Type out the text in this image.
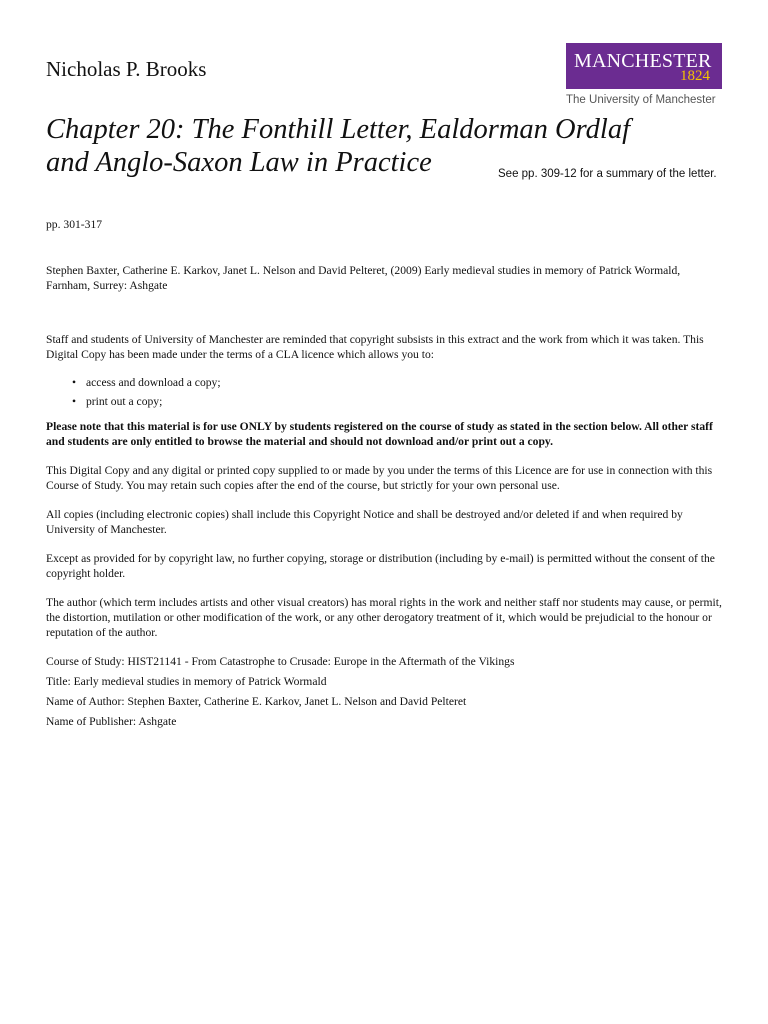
Nicholas P. Brooks	MANCHESTER
1824
The University of Manchester
Chapter 20: The Fonthill Letter, Ealdorman Ordlaf
and Anglo-Saxon Law in Practice	See pp. 309-12 for a summary of the letter.

pp. 301-317

Stephen Baxter, Catherine E. Karkov, Janet L. Nelson and David Pelteret, (2009) Early medieval studies in memory of Patrick Wormald, Farnham, Surrey: Ashgate

Staff and students of University of Manchester are reminded that copyright subsists in this extract and the work from which it was taken. This Digital Copy has been made under the terms of a CLA licence which allows you to:

• access and download a copy;
• print out a copy;

Please note that this material is for use ONLY by students registered on the course of study as stated in the section below. All other staff and students are only entitled to browse the material and should not download and/or print out a copy.

This Digital Copy and any digital or printed copy supplied to or made by you under the terms of this Licence are for use in connection with this Course of Study. You may retain such copies after the end of the course, but strictly for your own personal use.

All copies (including electronic copies) shall include this Copyright Notice and shall be destroyed and/or deleted if and when required by University of Manchester.

Except as provided for by copyright law, no further copying, storage or distribution (including by e-mail) is permitted without the consent of the copyright holder.

The author (which term includes artists and other visual creators) has moral rights in the work and neither staff nor students may cause, or permit, the distortion, mutilation or other modification of the work, or any other derogatory treatment of it, which would be prejudicial to the honour or reputation of the author.

Course of Study: HIST21141 - From Catastrophe to Crusade: Europe in the Aftermath of the Vikings

Title: Early medieval studies in memory of Patrick Wormald

Name of Author: Stephen Baxter, Catherine E. Karkov, Janet L. Nelson and David Pelteret

Name of Publisher: Ashgate
